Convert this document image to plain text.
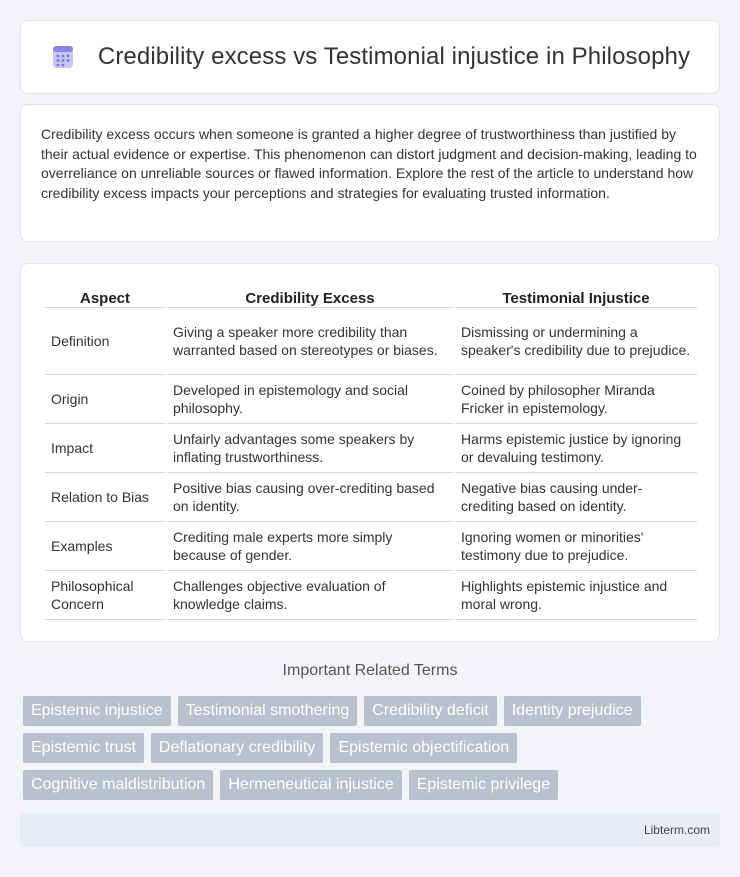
Credibility excess vs Testimonial injustice in Philosophy

Credibility excess occurs when someone is granted a higher degree of trustworthiness than justified by their actual evidence or expertise. This phenomenon can distort judgment and decision-making, leading to overreliance on unreliable sources or flawed information. Explore the rest of the article to understand how credibility excess impacts your perceptions and strategies for evaluating trusted information.

Aspect	Credibility Excess	Testimonial Injustice
Definition	Giving a speaker more credibility than warranted based on stereotypes or biases.	Dismissing or undermining a speaker's credibility due to prejudice.
Origin	Developed in epistemology and social philosophy.	Coined by philosopher Miranda Fricker in epistemology.
Impact	Unfairly advantages some speakers by inflating trustworthiness.	Harms epistemic justice by ignoring or devaluing testimony.
Relation to Bias	Positive bias causing over-crediting based on identity.	Negative bias causing under-crediting based on identity.
Examples	Crediting male experts more simply because of gender.	Ignoring women or minorities' testimony due to prejudice.
Philosophical Concern	Challenges objective evaluation of knowledge claims.	Highlights epistemic injustice and moral wrong.
Important Related Terms
Epistemic injustice	Testimonial smothering	Credibility deficit	Identity prejudice
Epistemic trust	Deflationary credibility	Epistemic objectification
Cognitive maldistribution	Hermeneutical injustice	Epistemic privilege
Libterm.com
